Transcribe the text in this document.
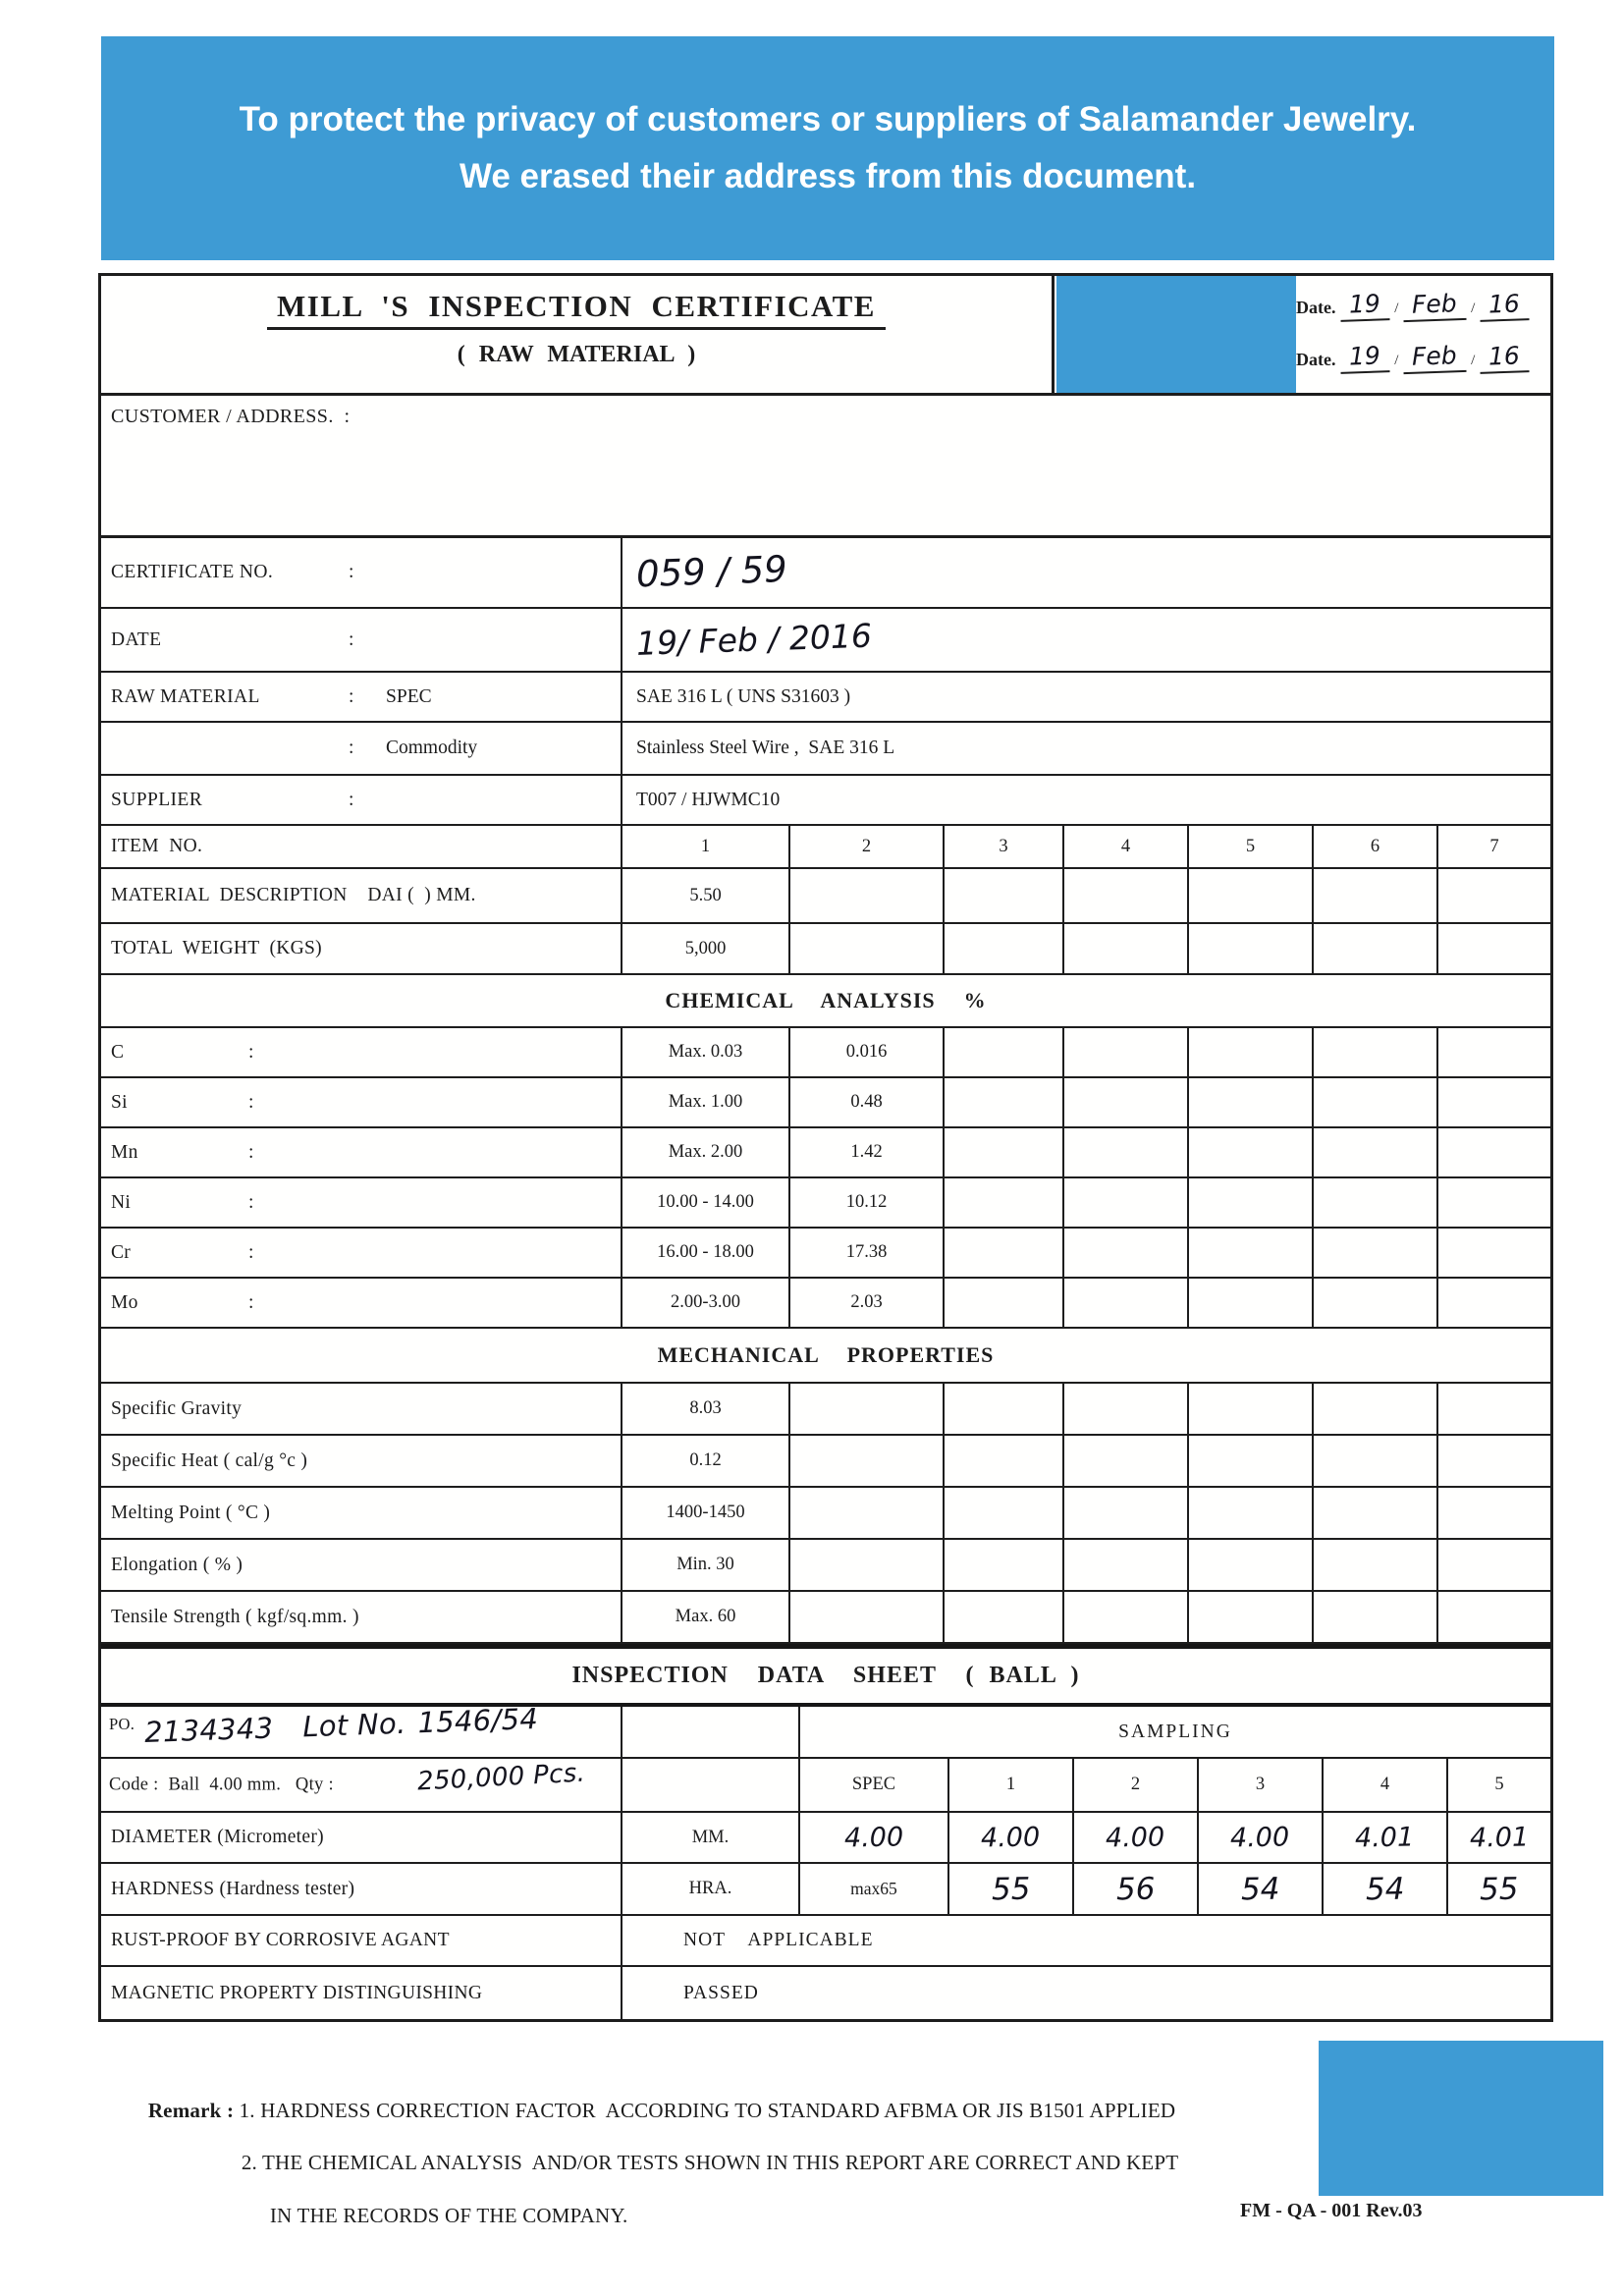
To protect the privacy of customers or suppliers of Salamander Jewelry.
We erased their address from this document.
MILL 'S INSPECTION CERTIFICATE
( RAW MATERIAL )
Date. 19 / Feb / 16
Date. 19 / Feb / 16
CUSTOMER / ADDRESS.  :
CERTIFICATE NO.	:	059 / 59
DATE	:	19/ Feb / 2016
RAW MATERIAL	: SPEC	SAE 316 L ( UNS S31603 )
: Commodity	Stainless Steel Wire ,  SAE 316 L
SUPPLIER	:	T007 / HJWMC10
ITEM  NO.	1	2	3	4	5	6	7
MATERIAL  DESCRIPTION    DAI (  ) MM.	5.50
TOTAL  WEIGHT  (KGS)	5,000
CHEMICAL  ANALYSIS  %
C	:	Max. 0.03	0.016
Si	:	Max. 1.00	0.48
Mn	:	Max. 2.00	1.42
Ni	:	10.00 - 14.00	10.12
Cr	:	16.00 - 18.00	17.38
Mo	:	2.00-3.00	2.03
MECHANICAL  PROPERTIES
Specific Gravity	8.03
Specific Heat ( cal/g °c )	0.12
Melting Point ( °C )	1400-1450
Elongation ( % )	Min. 30
Tensile Strength ( kgf/sq.mm. )	Max. 60
INSPECTION  DATA  SHEET  ( BALL )
PO. 2134343 Lot No. 1546/54	SAMPLING
Code :  Ball  4.00 mm.   Qty :	250,000 Pcs.	SPEC	1	2	3	4	5
DIAMETER (Micrometer)	MM.	4.00	4.00 4.00 4.00 4.01 4.01
HARDNESS (Hardness tester)	HRA.	max65	55	56	54	54 55
RUST-PROOF BY CORROSIVE AGANT	NOT  APPLICABLE
MAGNETIC PROPERTY DISTINGUISHING	PASSED

Remark : 1. HARDNESS CORRECTION FACTOR  ACCORDING TO STANDARD AFBMA OR JIS B1501 APPLIED

2. THE CHEMICAL ANALYSIS  AND/OR TESTS SHOWN IN THIS REPORT ARE CORRECT AND KEPT

IN THE RECORDS OF THE COMPANY.
	FM - QA - 001 Rev.03
